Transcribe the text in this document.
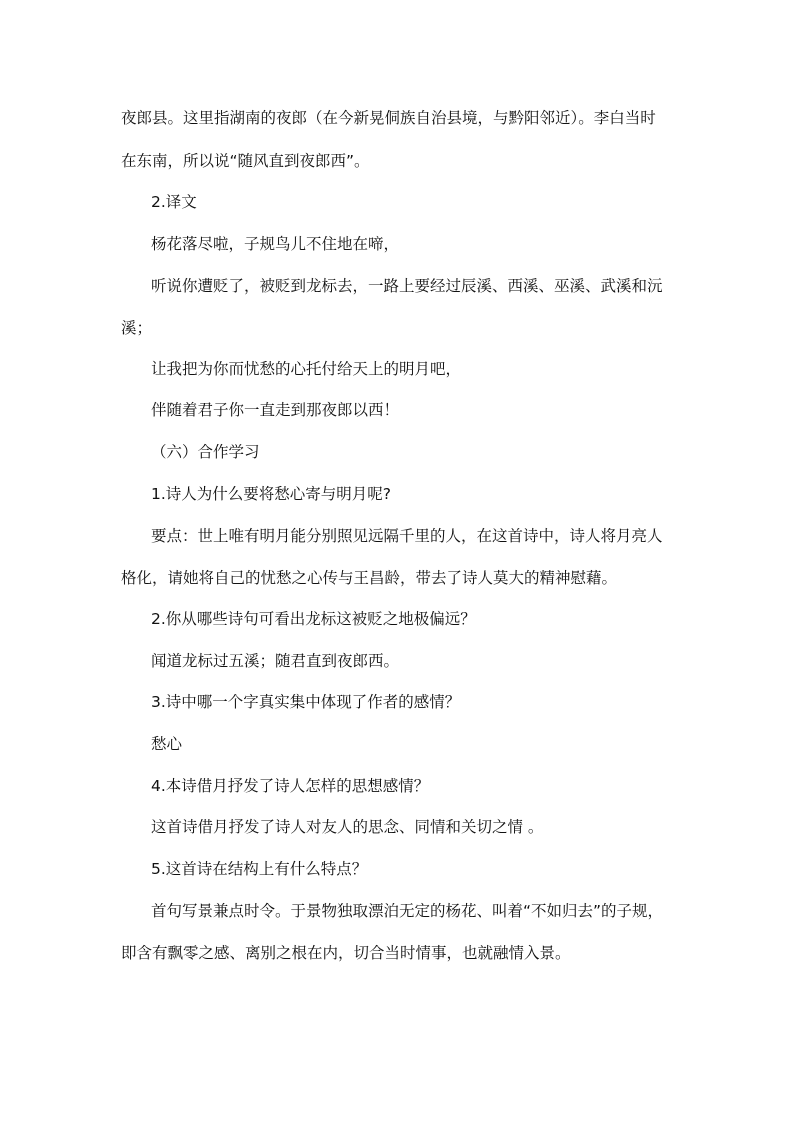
夜郎县。这里指湖南的夜郎（在今新晃侗族自治县境，与黔阳邻近）。李白当时
在东南，所以说“随风直到夜郎西”。
2.译文
杨花落尽啦，子规鸟儿不住地在啼，
听说你遭贬了，被贬到龙标去，一路上要经过辰溪、西溪、巫溪、武溪和沅
溪；
让我把为你而忧愁的心托付给天上的明月吧，
伴随着君子你一直走到那夜郎以西！
（六）合作学习
1.诗人为什么要将愁心寄与明月呢?
要点：世上唯有明月能分别照见远隔千里的人，在这首诗中，诗人将月亮人
格化，请她将自己的忧愁之心传与王昌龄，带去了诗人莫大的精神慰藉。
2.你从哪些诗句可看出龙标这被贬之地极偏远？
闻道龙标过五溪；随君直到夜郎西。
3.诗中哪一个字真实集中体现了作者的感情？
愁心
4.本诗借月抒发了诗人怎样的思想感情？
这首诗借月抒发了诗人对友人的思念、同情和关切之情 。
5.这首诗在结构上有什么特点？
首句写景兼点时令。于景物独取漂泊无定的杨花、叫着“不如归去”的子规，
即含有飘零之感、离别之根在内，切合当时情事，也就融情入景。
